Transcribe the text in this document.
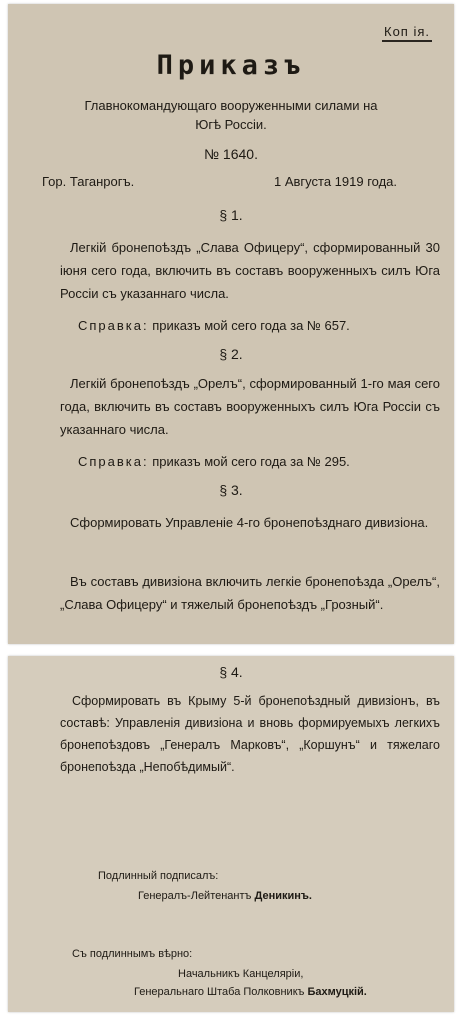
Коп ія.
Приказъ
Главнокомандующаго вооруженными силами на
Югѣ Россіи.
№ 1640.
Гор. Таганрогъ.	1 Августа 1919 года.
§ 1.
Легкій бронепоѣздъ „Слава Офицеру“, сформированный 30 іюня сего года, включить въ составъ вооруженныхъ силъ Юга Россіи съ указаннаго числа.
Справка: приказъ мой сего года за № 657.
§ 2.
Легкій бронепоѣздъ „Орелъ“, сформированный 1-го мая сего года, включить въ составъ вооруженныхъ силъ Юга Россіи съ указаннаго числа.
Справка: приказъ мой сего года за № 295.
§ 3.
Сформировать Управленіе 4-го бронепоѣзднаго дивизіона.
Въ составъ дивизіона включить легкіе бронепоѣзда „Орелъ“, „Слава Офицеру“ и тяжелый бронепоѣздъ „Грозный“.
§ 4.
Сформировать въ Крыму 5-й бронепоѣздный дивизіонъ, въ составѣ: Управленія дивизіона и вновь формируемыхъ легкихъ бронепоѣздовъ „Генералъ Марковъ“, „Коршунъ“ и тяжелаго бронепоѣзда „Непобѣдимый“.
Подлинный подписалъ:
Генералъ-Лейтенантъ Деникинъ.
Съ подлиннымъ вѣрно:
Начальникъ Канцеляріи,
Генеральнаго Штаба Полковникъ Бахмуцкій.
